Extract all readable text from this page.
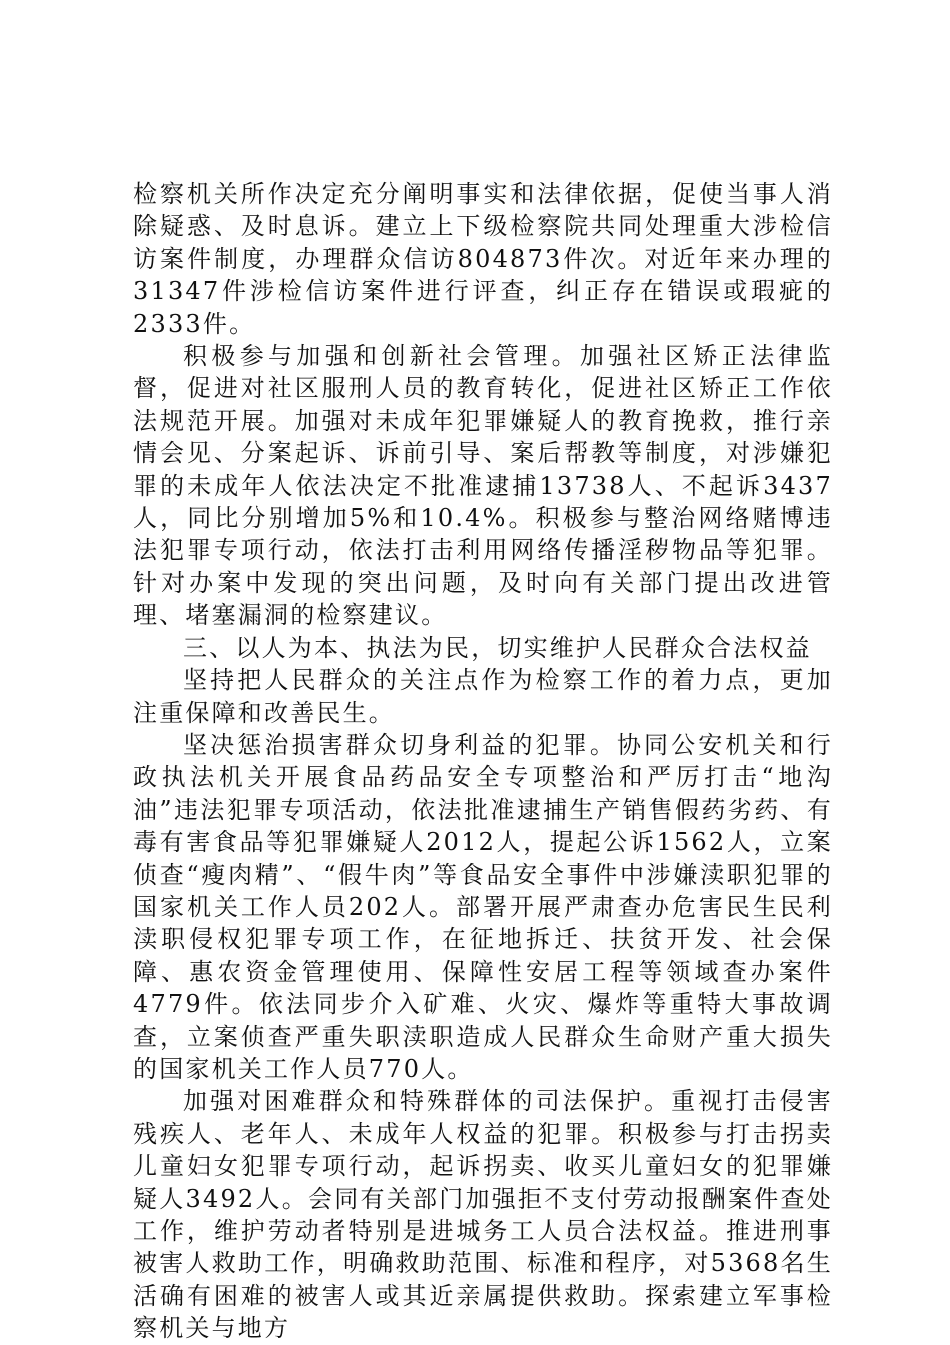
检察机关所作决定充分阐明事实和法律依据，促使当事人消除疑惑、及时息诉。建立上下级检察院共同处理重大涉检信访案件制度，办理群众信访804873件次。对近年来办理的31347件涉检信访案件进行评查，纠正存在错误或瑕疵的2333件。

积极参与加强和创新社会管理。加强社区矫正法律监督，促进对社区服刑人员的教育转化，促进社区矫正工作依法规范开展。加强对未成年犯罪嫌疑人的教育挽救，推行亲情会见、分案起诉、诉前引导、案后帮教等制度，对涉嫌犯罪的未成年人依法决定不批准逮捕13738人、不起诉3437人，同比分别增加5%和10.4%。积极参与整治网络赌博违法犯罪专项行动，依法打击利用网络传播淫秽物品等犯罪。针对办案中发现的突出问题，及时向有关部门提出改进管理、堵塞漏洞的检察建议。

三、以人为本、执法为民，切实维护人民群众合法权益

坚持把人民群众的关注点作为检察工作的着力点，更加注重保障和改善民生。

坚决惩治损害群众切身利益的犯罪。协同公安机关和行政执法机关开展食品药品安全专项整治和严厉打击“地沟油”违法犯罪专项活动，依法批准逮捕生产销售假药劣药、有毒有害食品等犯罪嫌疑人2012人，提起公诉1562人，立案侦查“瘦肉精”、“假牛肉”等食品安全事件中涉嫌渎职犯罪的国家机关工作人员202人。部署开展严肃查办危害民生民利渎职侵权犯罪专项工作，在征地拆迁、扶贫开发、社会保障、惠农资金管理使用、保障性安居工程等领域查办案件4779件。依法同步介入矿难、火灾、爆炸等重特大事故调查，立案侦查严重失职渎职造成人民群众生命财产重大损失的国家机关工作人员770人。

加强对困难群众和特殊群体的司法保护。重视打击侵害残疾人、老年人、未成年人权益的犯罪。积极参与打击拐卖儿童妇女犯罪专项行动，起诉拐卖、收买儿童妇女的犯罪嫌疑人3492人。会同有关部门加强拒不支付劳动报酬案件查处工作，维护劳动者特别是进城务工人员合法权益。推进刑事被害人救助工作，明确救助范围、标准和程序，对5368名生活确有困难的被害人或其近亲属提供救助。探索建立军事检察机关与地方
